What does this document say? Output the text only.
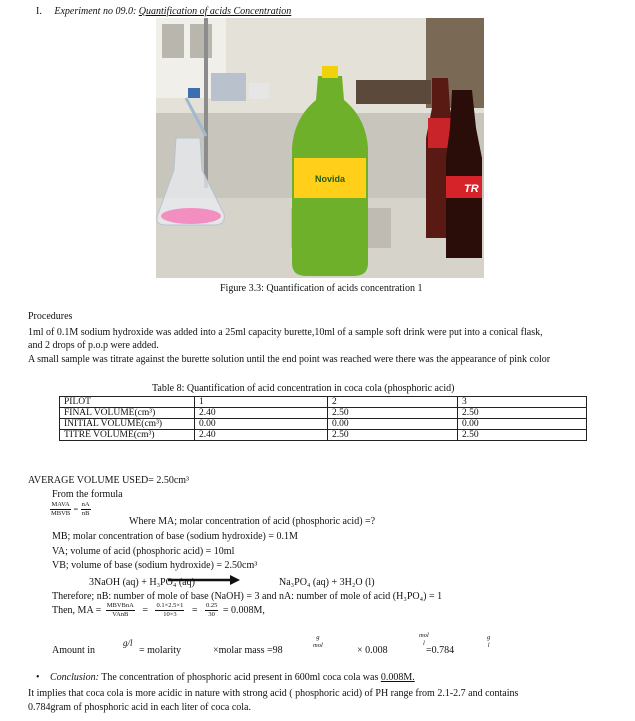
I. Experiment no 09.0: Quantification of acids Concentration
Novida
TR
Figure 3.3: Quantification of acids concentration 1
Procedures
1ml of 0.1M sodium hydroxide was added into a 25ml capacity burette,10ml of a sample soft drink were put into a conical flask,
and 2 drops of p.o.p were added.
A small sample was titrate against the burette solution until the end point was reached were there was the appearance of pink color
Table 8: Quantification of acid concentration in coca cola (phosphoric acid)
PILOT	1	2	3
FINAL VOLUME(cm³)	2.40	2.50	2.50
INITIAL VOLUME(cm³)	0.00	0.00	0.00
TITRE VOLUME(cm³)	2.40	2.50	2.50
AVERAGE VOLUME USED= 2.50cm³
From the formula
$\frac{\text{MAVA}}{\text{MBVB}} = \frac{nA}{nB}$
Where MA; molar concentration of acid (phosphoric acid) =?
MB; molar concentration of base (sodium hydroxide) = 0.1M
VA; volume of acid (phosphoric acid) = 10ml
VB; volume of base (sodium hydroxide) = 2.50cm³
3NaOH (aq) + H₃PO₄ (aq)	Na₃PO₄ (aq) + 3H₂O (l)
Therefore; nB: number of mole of base (NaOH) = 3 and nA: number of mole of acid (H₃PO₄) = 1
Then, MA = $\frac{\text{MBVBnA}}{\text{VAnB}} = \frac{0.1\times 2.5\times 1}{10\times 3} = \frac{0.25}{30} = 0.008M$,
Amount in
g/l
= molarity	×molar mass =98
g
mol	× 0.008
mol
l
=0.784
g
l
• Conclusion: The concentration of phosphoric acid present in 600ml coca cola was 0.008M.
It implies that coca cola is more acidic in nature with strong acid ( phosphoric acid) of PH range from 2.1-2.7 and contains
0.784gram of phosphoric acid in each liter of coca cola.
